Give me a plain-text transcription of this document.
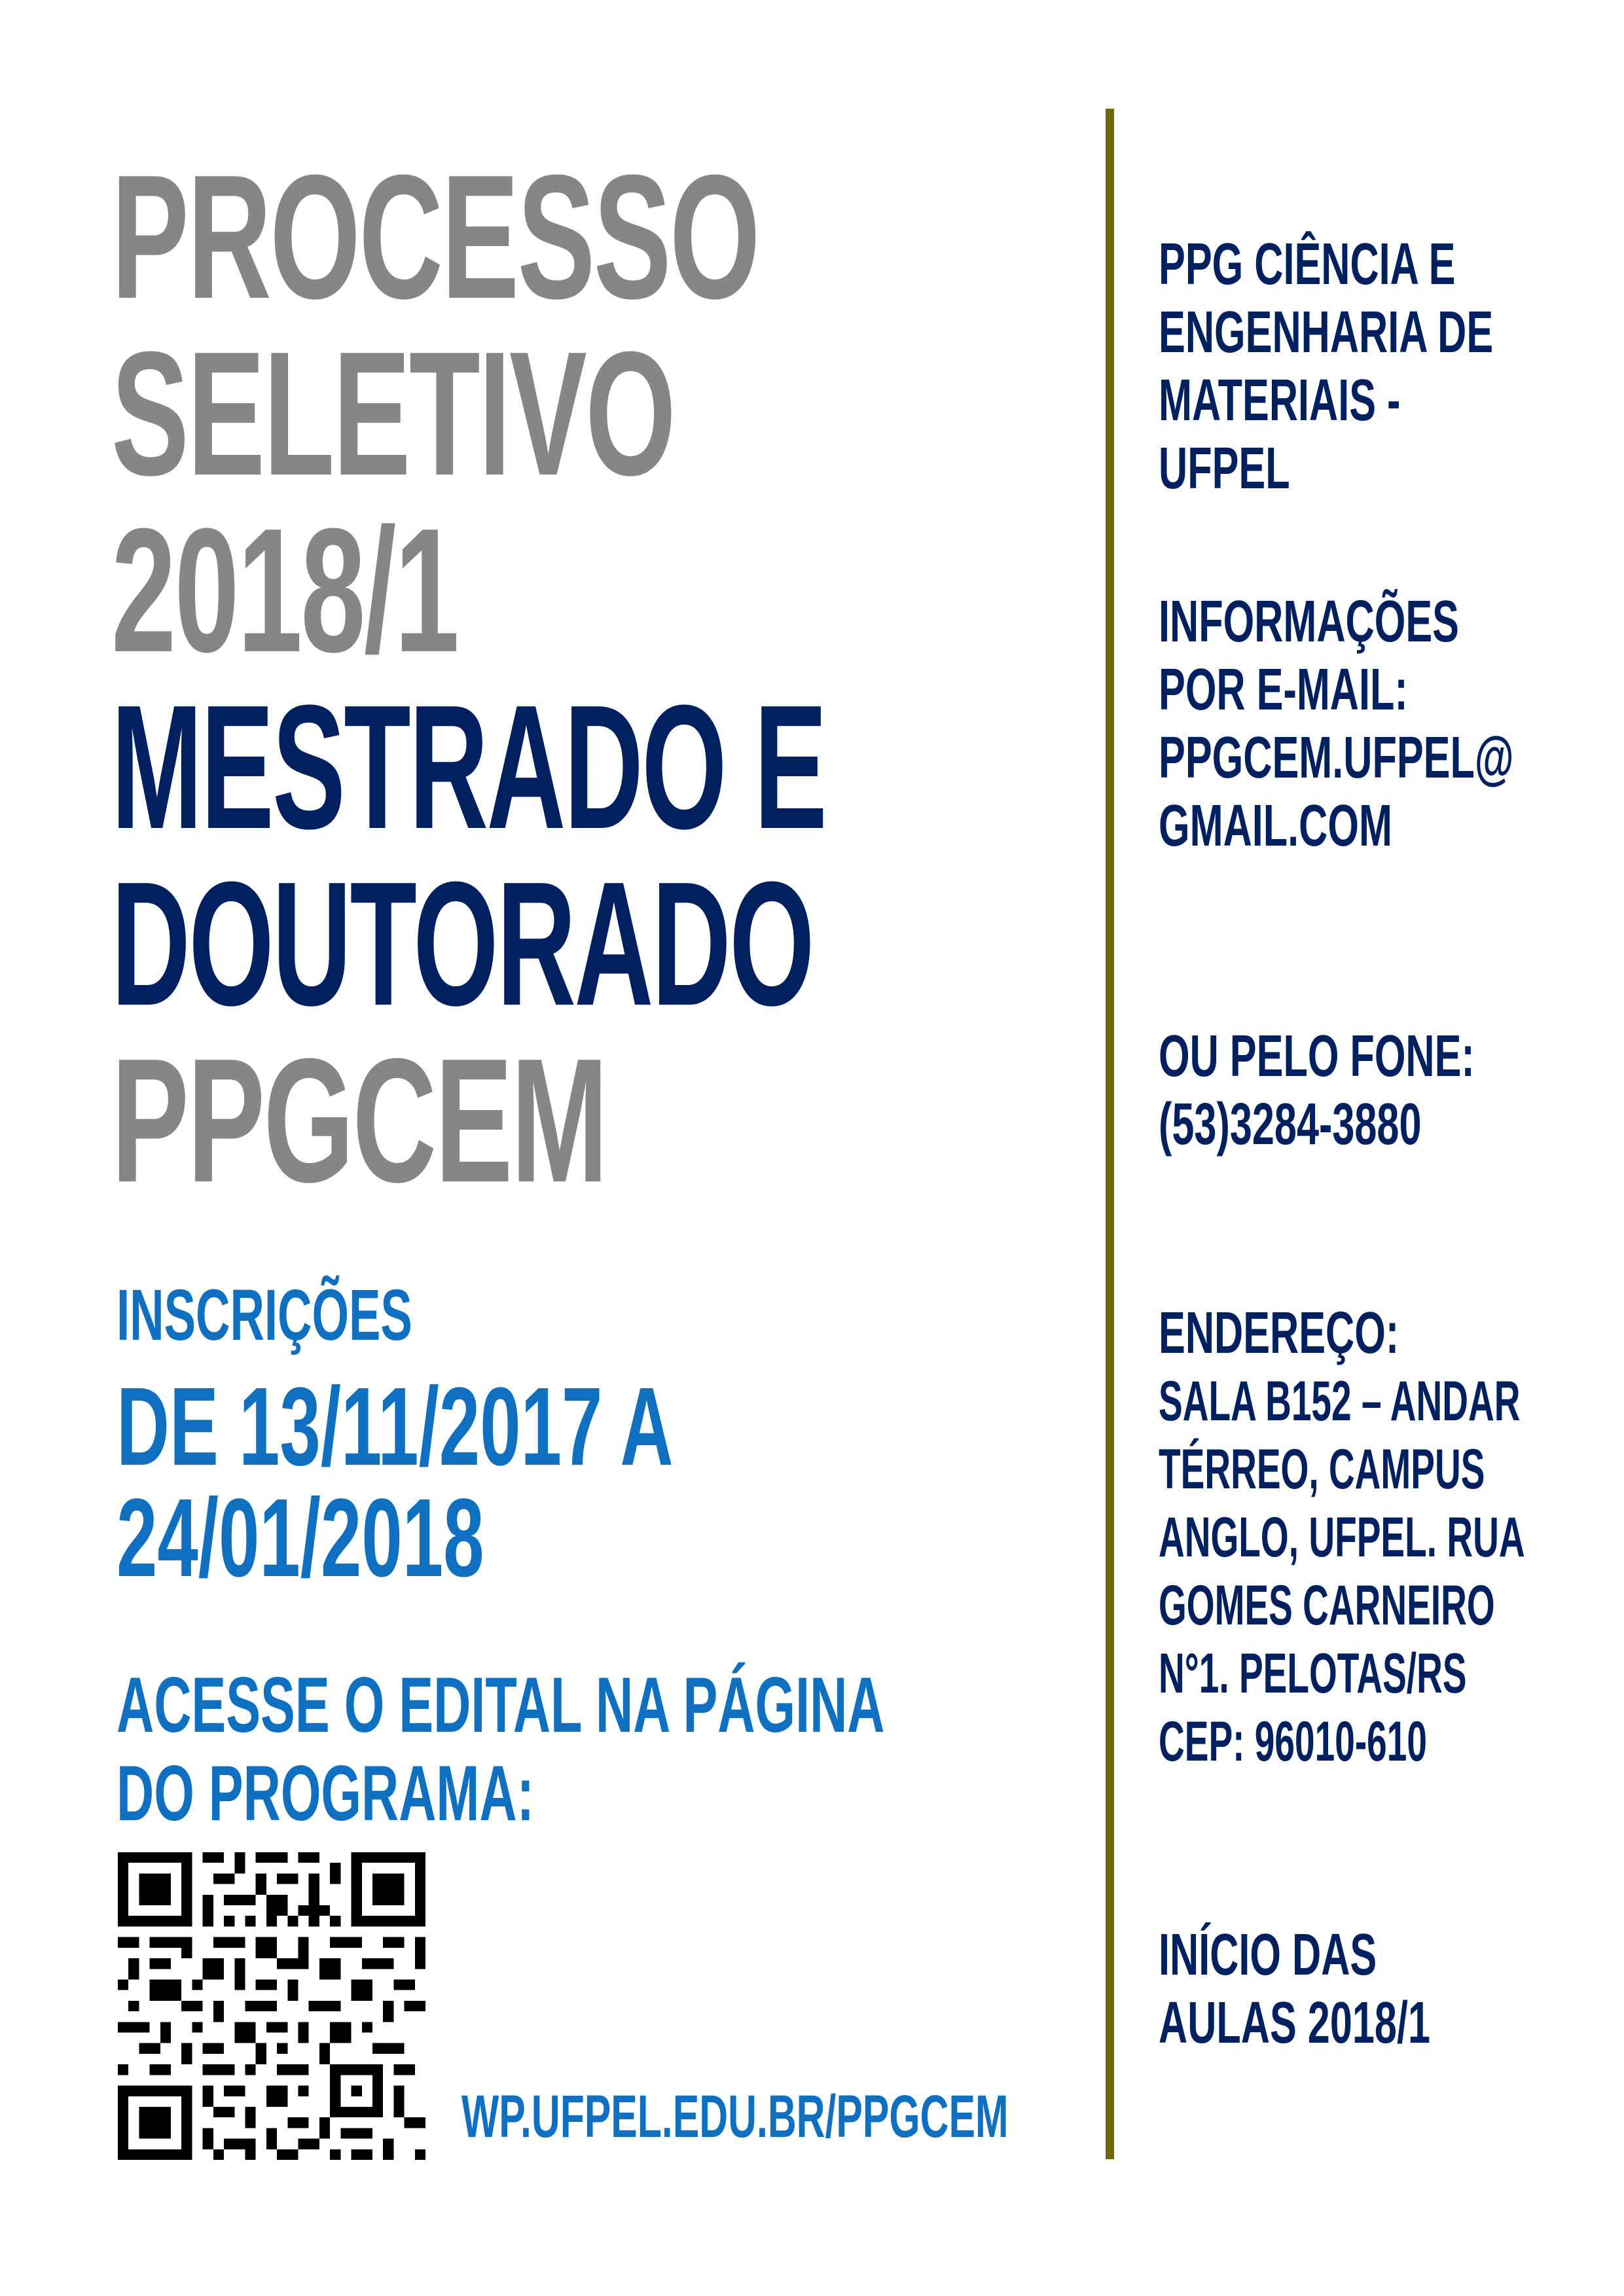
PROCESSO
SELETIVO
2018/1
MESTRADO E
DOUTORADO
PPGCEM
INSCRIÇÕES
DE 13/11/2017 A
24/01/2018
ACESSE O EDITAL NA PÁGINA
DO PROGRAMA:
WP.UFPEL.EDU.BR/PPGCEM
PPG CIÊNCIA E
ENGENHARIA DE
MATERIAIS -
UFPEL
INFORMAÇÕES
POR E-MAIL:
PPGCEM.UFPEL@
GMAIL.COM
OU PELO FONE:
(53)3284-3880
ENDEREÇO:
SALA B152 – ANDAR
TÉRREO, CAMPUS
ANGLO, UFPEL. RUA
GOMES CARNEIRO
N°1. PELOTAS/RS
CEP: 96010-610
INÍCIO DAS
AULAS 2018/1
